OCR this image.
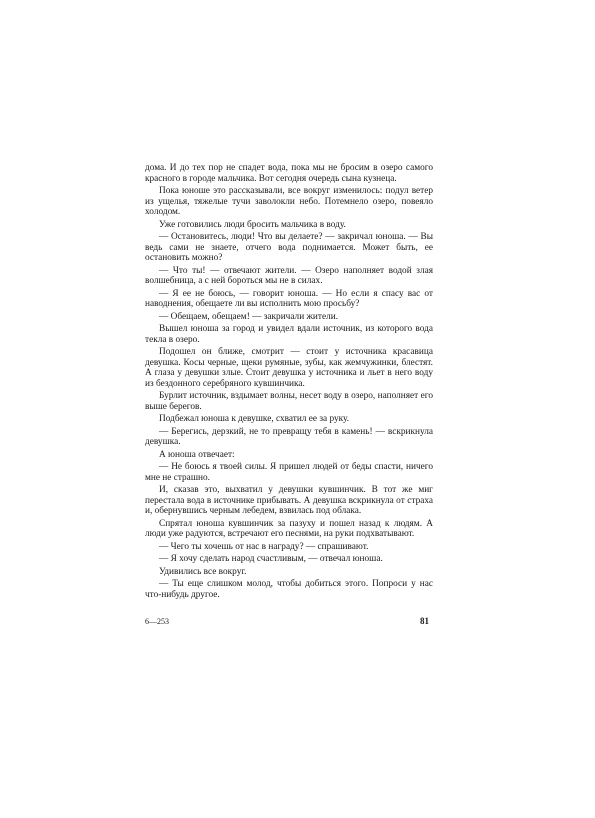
дома. И до тех пор не спадет вода, пока мы не бросим в озеро самого красного в городе мальчика. Вот сегодня очередь сына кузнеца.

Пока юноше это рассказывали, все вокруг изменилось: подул ветер из ущелья, тяжелые тучи заволокли небо. Потемнело озеро, повеяло холодом.

Уже готовились люди бросить мальчика в воду.

— Остановитесь, люди! Что вы делаете? — закричал юноша. — Вы ведь сами не знаете, отчего вода поднимается. Может быть, ее остановить можно?

— Что ты! — отвечают жители. — Озеро наполняет водой злая волшебница, а с ней бороться мы не в силах.

— Я ее не боюсь, — говорит юноша. — Но если я спасу вас от наводнения, обещаете ли вы исполнить мою просьбу?

— Обещаем, обещаем! — закричали жители.

Вышел юноша за город и увидел вдали источник, из которого вода текла в озеро.

Подошел он ближе, смотрит — стоит у источника красавица девушка. Косы черные, щеки румяные, зубы, как жемчужинки, блестят. А глаза у девушки злые. Стоит девушка у источника и льет в него воду из бездонного серебряного кувшинчика.

Бурлит источник, вздымает волны, несет воду в озеро, наполняет его выше берегов.

Подбежал юноша к девушке, схватил ее за руку.

— Берегись, дерзкий, не то превращу тебя в камень! — вскрикнула девушка.

А юноша отвечает:

— Не боюсь я твоей силы. Я пришел людей от беды спасти, ничего мне не страшно.

И, сказав это, выхватил у девушки кувшинчик. В тот же миг перестала вода в источнике прибывать. А девушка вскрикнула от страха и, обернувшись черным лебедем, взвилась под облака.

Спрятал юноша кувшинчик за пазуху и пошел назад к людям. А люди уже радуются, встречают его песнями, на руки подхватывают.

— Чего ты хочешь от нас в награду? — спрашивают.

— Я хочу сделать народ счастливым, — отвечал юноша.

Удивились все вокруг.

— Ты еще слишком молод, чтобы добиться этого. Попроси у нас что-нибудь другое.

6—253	81
